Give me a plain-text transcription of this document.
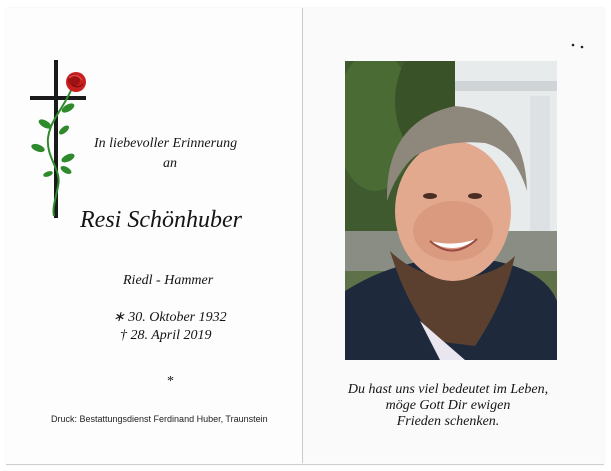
In liebevoller Erinnerung
an
Resi Schönhuber
Riedl - Hammer
∗ 30. Oktober 1932
† 28. April 2019
*
Druck: Bestattungsdienst Ferdinand Huber, Traunstein
Du hast uns viel bedeutet im Leben,
möge Gott Dir ewigen
Frieden schenken.
